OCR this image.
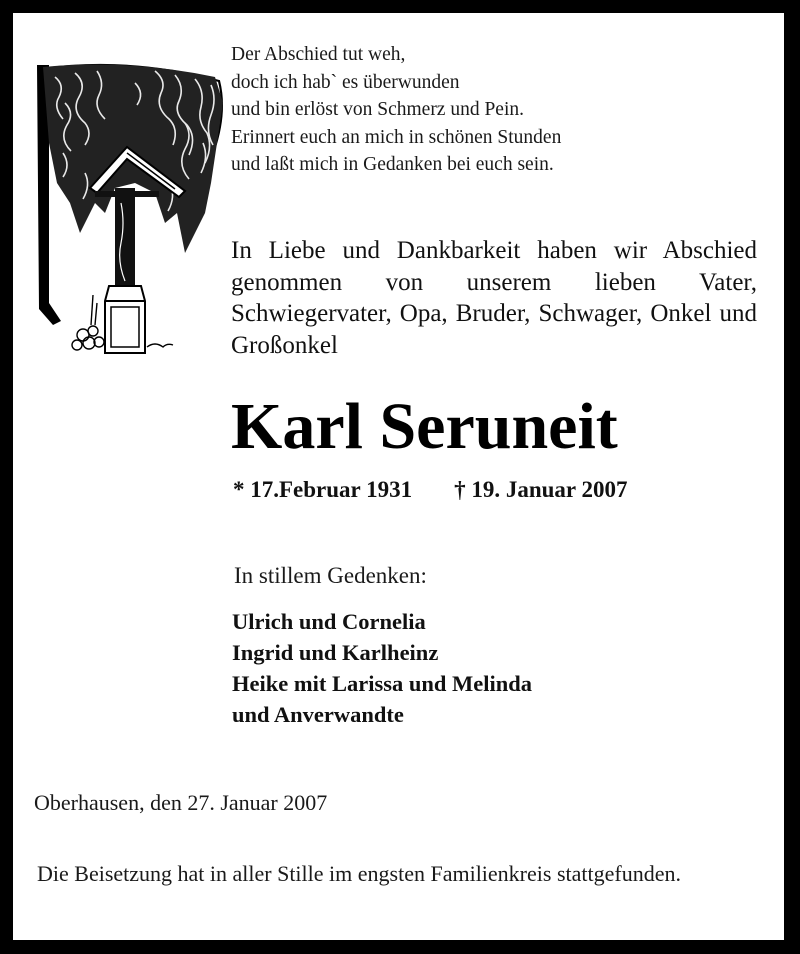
Der Abschied tut weh,
doch ich hab` es überwunden
und bin erlöst von Schmerz und Pein.
Erinnert euch an mich in schönen Stunden
und laßt mich in Gedanken bei euch sein.
In Liebe und Dankbarkeit haben wir Abschied genommen von unserem lieben Vater, Schwiegervater, Opa, Bruder, Schwager, Onkel und Großonkel
Karl Seruneit
* 17.Februar 1931 † 19. Januar 2007
In stillem Gedenken:
Ulrich und Cornelia
Ingrid und Karlheinz
Heike mit Larissa und Melinda
und Anverwandte
Oberhausen, den 27. Januar 2007
Die Beisetzung hat in aller Stille im engsten Familienkreis stattgefunden.
